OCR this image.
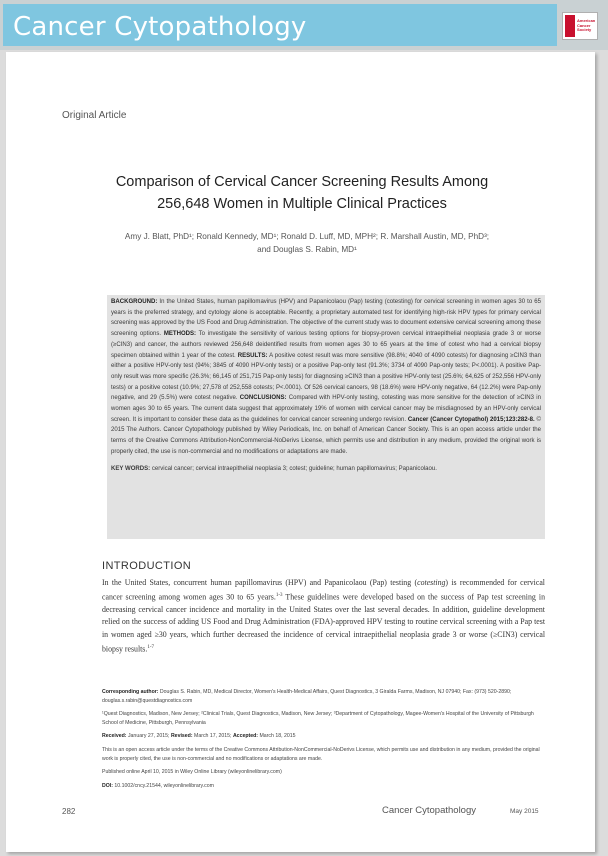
Cancer Cytopathology	American
Cancer
Society
Original Article
Comparison of Cervical Cancer Screening Results Among
256,648 Women in Multiple Clinical Practices
Amy J. Blatt, PhD¹; Ronald Kennedy, MD¹; Ronald D. Luff, MD, MPH²; R. Marshall Austin, MD, PhD³;
and Douglas S. Rabin, MD¹
BACKGROUND: In the United States, human papillomavirus (HPV) and Papanicolaou (Pap) testing (cotesting) for cervical screening in women ages 30 to 65 years is the preferred strategy, and cytology alone is acceptable. Recently, a proprietary automated test for identifying high-risk HPV types for primary cervical screening was approved by the US Food and Drug Administration. The objective of the current study was to document extensive cervical screening among these screening options. METHODS: To investigate the sensitivity of various testing options for biopsy-proven cervical intraepithelial neoplasia grade 3 or worse (≥CIN3) and cancer, the authors reviewed 256,648 deidentified results from women ages 30 to 65 years at the time of cotest who had a cervical biopsy specimen obtained within 1 year of the cotest. RESULTS: A positive cotest result was more sensitive (98.8%; 4040 of 4090 cotests) for diagnosing ≥CIN3 than either a positive HPV-only test (94%; 3845 of 4090 HPV-only tests) or a positive Pap-only test (91.3%; 3734 of 4090 Pap-only tests; P<.0001). A positive Pap-only result was more specific (26.3%; 66,145 of 251,715 Pap-only tests) for diagnosing ≥CIN3 than a positive HPV-only test (25.6%; 64,625 of 252,556 HPV-only tests) or a positive cotest (10.9%; 27,578 of 252,558 cotests; P<.0001). Of 526 cervical cancers, 98 (18.6%) were HPV-only negative, 64 (12.2%) were Pap-only negative, and 29 (5.5%) were cotest negative. CONCLUSIONS: Compared with HPV-only testing, cotesting was more sensitive for the detection of ≥CIN3 in women ages 30 to 65 years. The current data suggest that approximately 19% of women with cervical cancer may be misdiagnosed by an HPV-only cervical screen. It is important to consider these data as the guidelines for cervical cancer screening undergo revision. Cancer (Cancer Cytopathol) 2015;123:282-8. © 2015 The Authors. Cancer Cytopathology published by Wiley Periodicals, Inc. on behalf of American Cancer Society. This is an open access article under the terms of the Creative Commons Attribution-NonCommercial-NoDerivs License, which permits use and distribution in any medium, provided the original work is properly cited, the use is non-commercial and no modifications or adaptations are made.
KEY WORDS: cervical cancer; cervical intraepithelial neoplasia 3; cotest; guideline; human papillomavirus; Papanicolaou.
INTRODUCTION
In the United States, concurrent human papillomavirus (HPV) and Papanicolaou (Pap) testing (cotesting) is recommended for cervical cancer screening among women ages 30 to 65 years.$^{1-3}$ These guidelines were developed based on the success of Pap test screening in decreasing cervical cancer incidence and mortality in the United States over the last several decades. In addition, guideline development relied on the success of adding US Food and Drug Administration (FDA)-approved HPV testing to routine cervical screening with a Pap test in women aged ≥30 years, which further decreased the incidence of cervical intraepithelial neoplasia grade 3 or worse (≥CIN3) cervical biopsy results.$^{1-7}$
Corresponding author: Douglas S. Rabin, MD, Medical Director, Women's Health-Medical Affairs, Quest Diagnostics, 3 Giralda Farms, Madison, NJ 07940; Fax: (973) 520-2890; douglas.s.rabin@questdiagnostics.com
¹Quest Diagnostics, Madison, New Jersey; ²Clinical Trials, Quest Diagnostics, Madison, New Jersey; ³Department of Cytopathology, Magee-Women's Hospital of the University of Pittsburgh School of Medicine, Pittsburgh, Pennsylvania
Received: January 27, 2015; Revised: March 17, 2015; Accepted: March 18, 2015
This is an open access article under the terms of the Creative Commons Attribution-NonCommercial-NoDerivs License, which permits use and distribution in any medium, provided the original work is properly cited, the use is non-commercial and no modifications or adaptations are made.
Published online April 10, 2015 in Wiley Online Library (wileyonlinelibrary.com)
DOI: 10.1002/cncy.21544, wileyonlinelibrary.com
282	Cancer Cytopathology	May 2015
